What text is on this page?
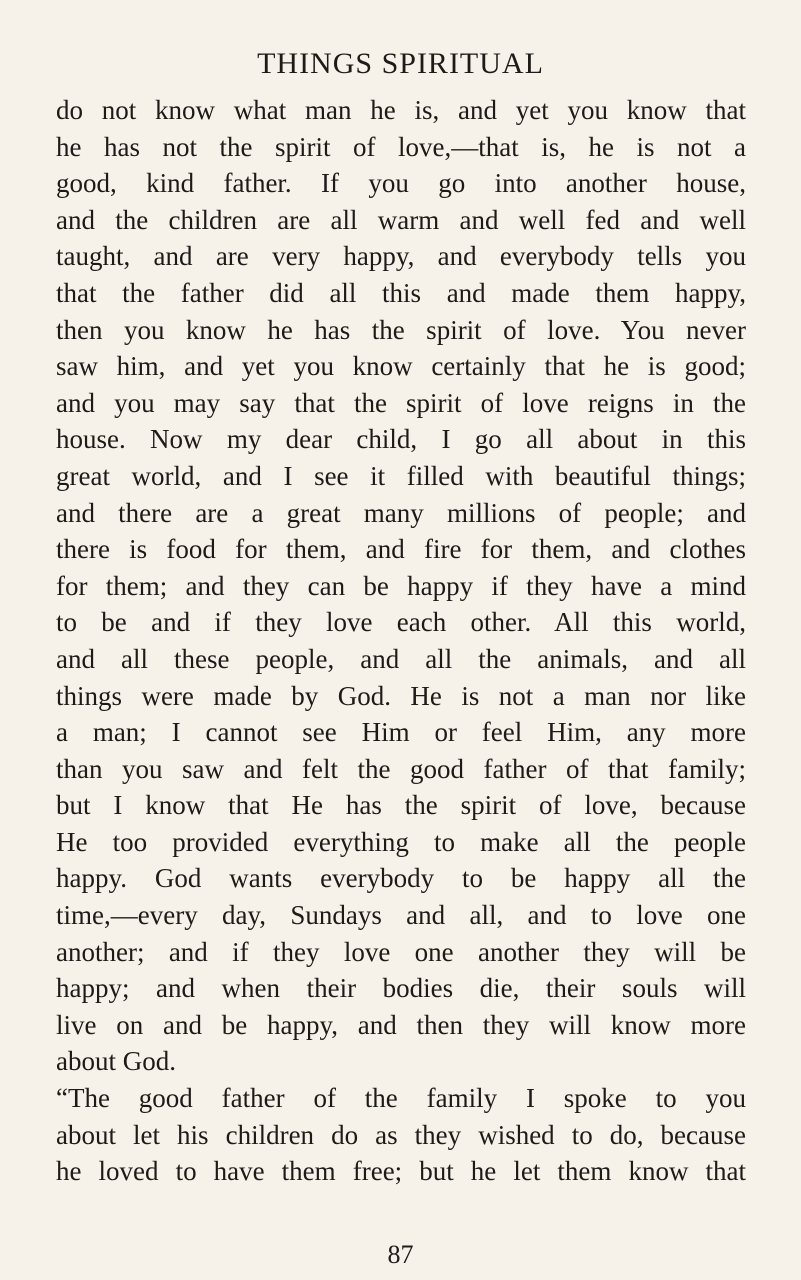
THINGS SPIRITUAL
do not know what man he is, and yet you know that
he has not the spirit of love,—that is, he is not a
good, kind father. If you go into another house,
and the children are all warm and well fed and well
taught, and are very happy, and everybody tells you
that the father did all this and made them happy,
then you know he has the spirit of love. You never
saw him, and yet you know certainly that he is good;
and you may say that the spirit of love reigns in the
house. Now my dear child, I go all about in this
great world, and I see it filled with beautiful things;
and there are a great many millions of people; and
there is food for them, and fire for them, and clothes
for them; and they can be happy if they have a mind
to be and if they love each other. All this world,
and all these people, and all the animals, and all
things were made by God. He is not a man nor like
a man; I cannot see Him or feel Him, any more
than you saw and felt the good father of that family;
but I know that He has the spirit of love, because
He too provided everything to make all the people
happy. God wants everybody to be happy all the
time,—every day, Sundays and all, and to love one
another; and if they love one another they will be
happy; and when their bodies die, their souls will
live on and be happy, and then they will know more
about God.
“The good father of the family I spoke to you
about let his children do as they wished to do, because
he loved to have them free; but he let them know that
87
